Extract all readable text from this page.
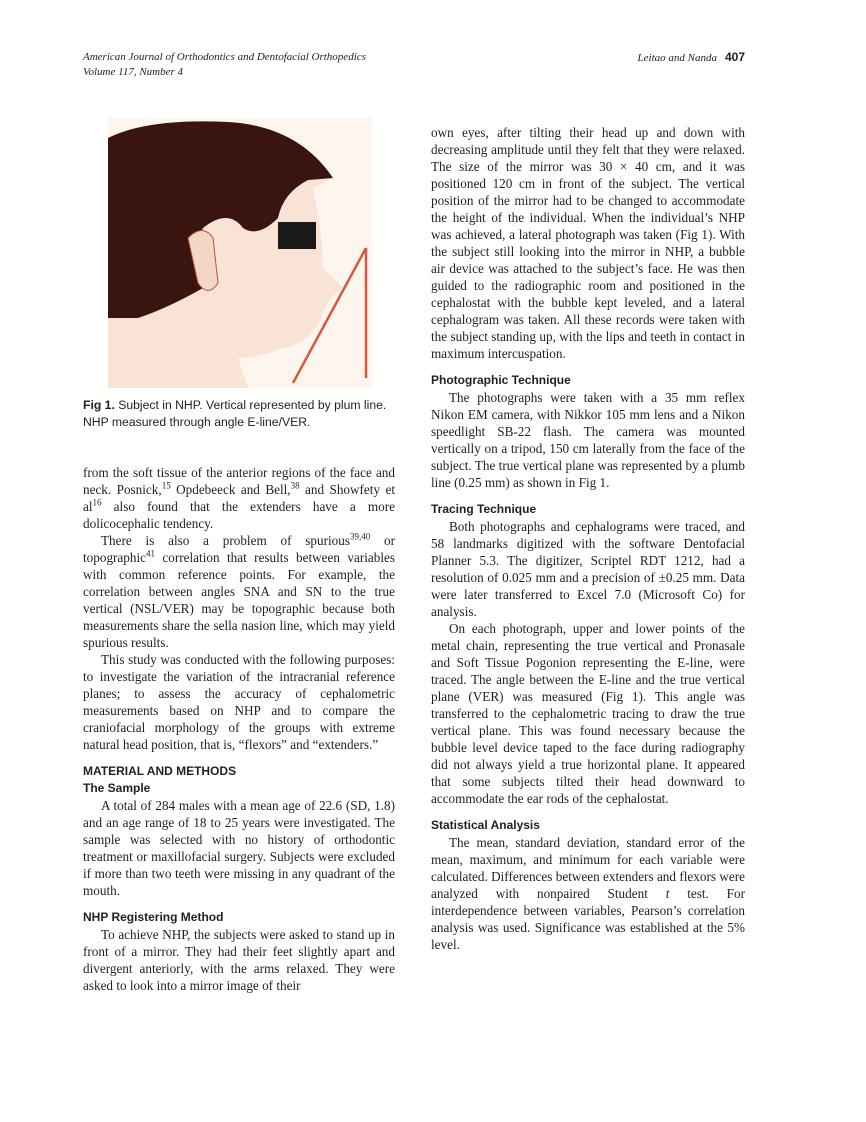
American Journal of Orthodontics and Dentofacial Orthopedics
Volume 117, Number 4
Leitao and Nanda 407
Fig 1. Subject in NHP. Vertical represented by plum line. NHP measured through angle E-line/VER.

from the soft tissue of the anterior regions of the face and neck. Posnick,$^{15}$ Opdebeeck and Bell,$^{38}$ and Showfety et $al^{16}$ also found that the extenders have a more dolicocephalic tendency.

There is also a problem of spurious$^{39,40}$ or topographic$^{41}$ correlation that results between variables with common reference points. For example, the correlation between angles SNA and SN to the true vertical (NSL/VER) may be topographic because both measurements share the sella nasion line, which may yield spurious results.

This study was conducted with the following purposes: to investigate the variation of the intracranial reference planes; to assess the accuracy of cephalometric measurements based on NHP and to compare the craniofacial morphology of the groups with extreme natural head position, that is, “flexors” and “extenders.”

MATERIAL AND METHODS
The Sample

A total of 284 males with a mean age of 22.6 (SD, 1.8) and an age range of 18 to 25 years were investigated. The sample was selected with no history of orthodontic treatment or maxillofacial surgery. Subjects were excluded if more than two teeth were missing in any quadrant of the mouth.

NHP Registering Method

To achieve NHP, the subjects were asked to stand up in front of a mirror. They had their feet slightly apart and divergent anteriorly, with the arms relaxed. They were asked to look into a mirror image of their

own eyes, after tilting their head up and down with decreasing amplitude until they felt that they were relaxed. The size of the mirror was 30 × 40 cm, and it was positioned 120 cm in front of the subject. The vertical position of the mirror had to be changed to accommodate the height of the individual. When the individual’s NHP was achieved, a lateral photograph was taken (Fig 1). With the subject still looking into the mirror in NHP, a bubble air device was attached to the subject’s face. He was then guided to the radiographic room and positioned in the cephalostat with the bubble kept leveled, and a lateral cephalogram was taken. All these records were taken with the subject standing up, with the lips and teeth in contact in maximum intercuspation.

Photographic Technique

The photographs were taken with a 35 mm reflex Nikon EM camera, with Nikkor 105 mm lens and a Nikon speedlight SB-22 flash. The camera was mounted vertically on a tripod, 150 cm laterally from the face of the subject. The true vertical plane was represented by a plumb line (0.25 mm) as shown in Fig 1.

Tracing Technique

Both photographs and cephalograms were traced, and 58 landmarks digitized with the software Dentofacial Planner 5.3. The digitizer, Scriptel RDT 1212, had a resolution of 0.025 mm and a precision of ±0.25 mm. Data were later transferred to Excel 7.0 (Microsoft Co) for analysis.

On each photograph, upper and lower points of the metal chain, representing the true vertical and Pronasale and Soft Tissue Pogonion representing the E-line, were traced. The angle between the E-line and the true vertical plane (VER) was measured (Fig 1). This angle was transferred to the cephalometric tracing to draw the true vertical plane. This was found necessary because the bubble level device taped to the face during radiography did not always yield a true horizontal plane. It appeared that some subjects tilted their head downward to accommodate the ear rods of the cephalostat.

Statistical Analysis

The mean, standard deviation, standard error of the mean, maximum, and minimum for each variable were calculated. Differences between extenders and flexors were analyzed with nonpaired Student t test. For interdependence between variables, Pearson’s correlation analysis was used. Significance was established at the 5% level.
